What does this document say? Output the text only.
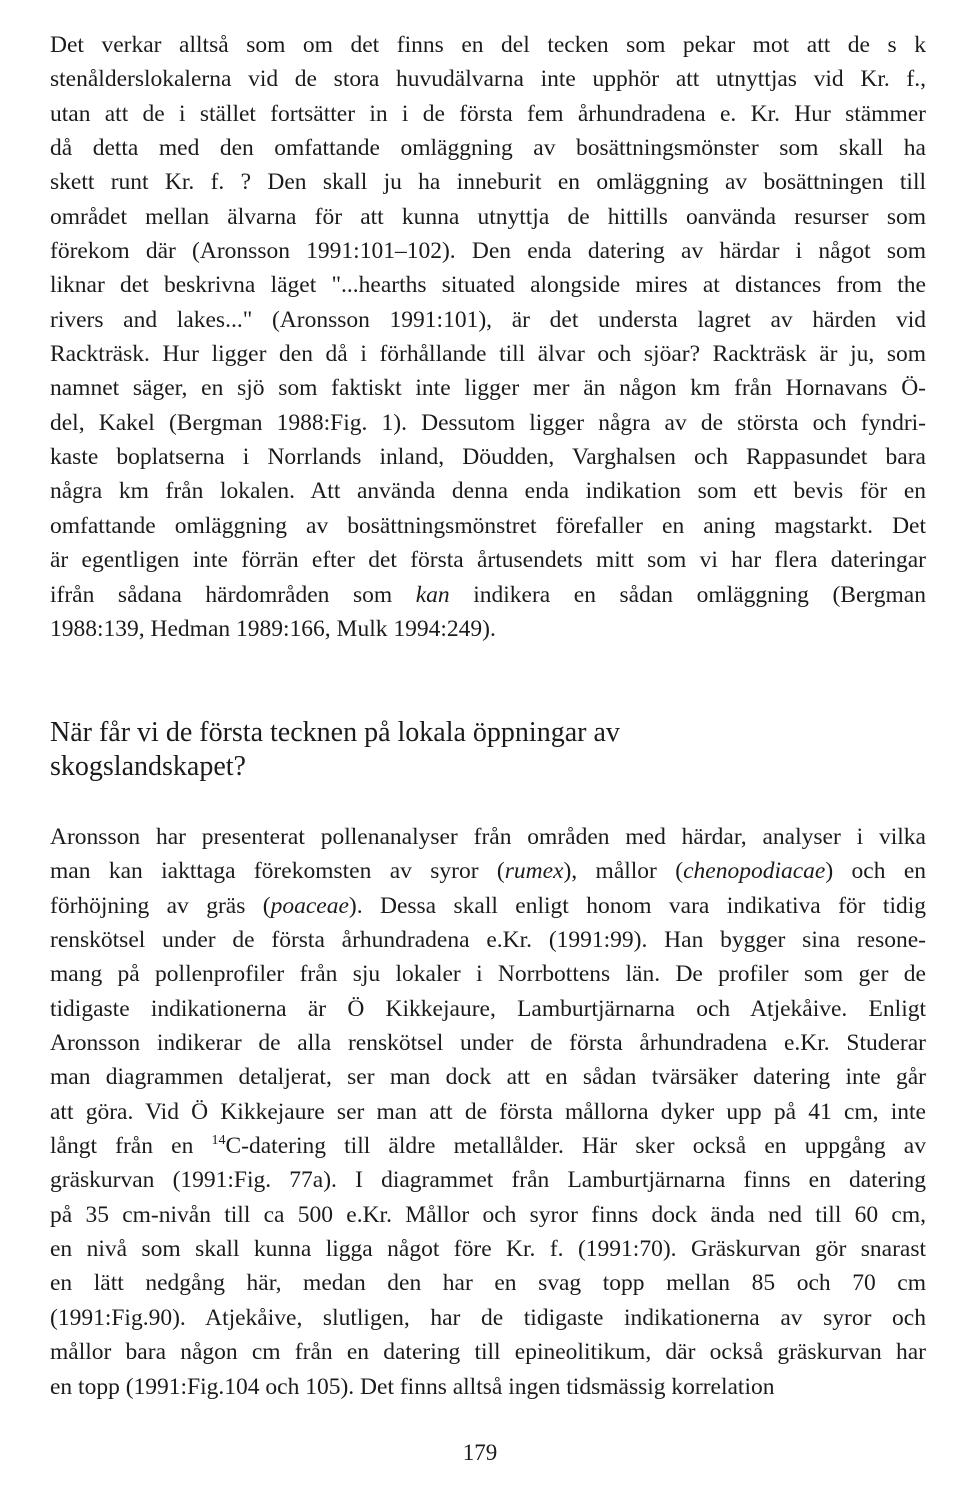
Det verkar alltså som om det finns en del tecken som pekar mot att de s k
stenålderslokalerna vid de stora huvudälvarna inte upphör att utnyttjas vid Kr. f.,
utan att de i stället fortsätter in i de första fem århundradena e. Kr. Hur stämmer
då detta med den omfattande omläggning av bosättningsmönster som skall ha
skett runt Kr. f. ? Den skall ju ha inneburit en omläggning av bosättningen till
området mellan älvarna för att kunna utnyttja de hittills oanvända resurser som
förekom där (Aronsson 1991:101–102). Den enda datering av härdar i något som
liknar det beskrivna läget "...hearths situated alongside mires at distances from the
rivers and lakes..." (Aronsson 1991:101), är det understa lagret av härden vid
Rackträsk. Hur ligger den då i förhållande till älvar och sjöar? Rackträsk är ju, som
namnet säger, en sjö som faktiskt inte ligger mer än någon km från Hornavans Ö-
del, Kakel (Bergman 1988:Fig. 1). Dessutom ligger några av de största och fyndri-
kaste boplatserna i Norrlands inland, Döudden, Varghalsen och Rappasundet bara
några km från lokalen. Att använda denna enda indikation som ett bevis för en
omfattande omläggning av bosättningsmönstret förefaller en aning magstarkt. Det
är egentligen inte förrän efter det första årtusendets mitt som vi har flera dateringar
ifrån sådana härdområden som kan indikera en sådan omläggning (Bergman
1988:139, Hedman 1989:166, Mulk 1994:249).
När får vi de första tecknen på lokala öppningar av
skogslandskapet?
Aronsson har presenterat pollenanalyser från områden med härdar, analyser i vilka
man kan iakttaga förekomsten av syror (rumex), mållor (chenopodiacae) och en
förhöjning av gräs (poaceae). Dessa skall enligt honom vara indikativa för tidig
renskötsel under de första århundradena e.Kr. (1991:99). Han bygger sina resone-
mang på pollenprofiler från sju lokaler i Norrbottens län. De profiler som ger de
tidigaste indikationerna är Ö Kikkejaure, Lamburtjärnarna och Atjekåive. Enligt
Aronsson indikerar de alla renskötsel under de första århundradena e.Kr. Studerar
man diagrammen detaljerat, ser man dock att en sådan tvärsäker datering inte går
att göra. Vid Ö Kikkejaure ser man att de första mållorna dyker upp på 41 cm, inte
långt från en $^{14}$C-datering till äldre metallålder. Här sker också en uppgång av
gräskurvan (1991:Fig. 77a). I diagrammet från Lamburtjärnarna finns en datering
på 35 cm-nivån till ca 500 e.Kr. Mållor och syror finns dock ända ned till 60 cm,
en nivå som skall kunna ligga något före Kr. f. (1991:70). Gräskurvan gör snarast
en lätt nedgång här, medan den har en svag topp mellan 85 och 70 cm
(1991:Fig.90). Atjekåive, slutligen, har de tidigaste indikationerna av syror och
mållor bara någon cm från en datering till epineolitikum, där också gräskurvan har
en topp (1991:Fig.104 och 105). Det finns alltså ingen tidsmässig korrelation
179
